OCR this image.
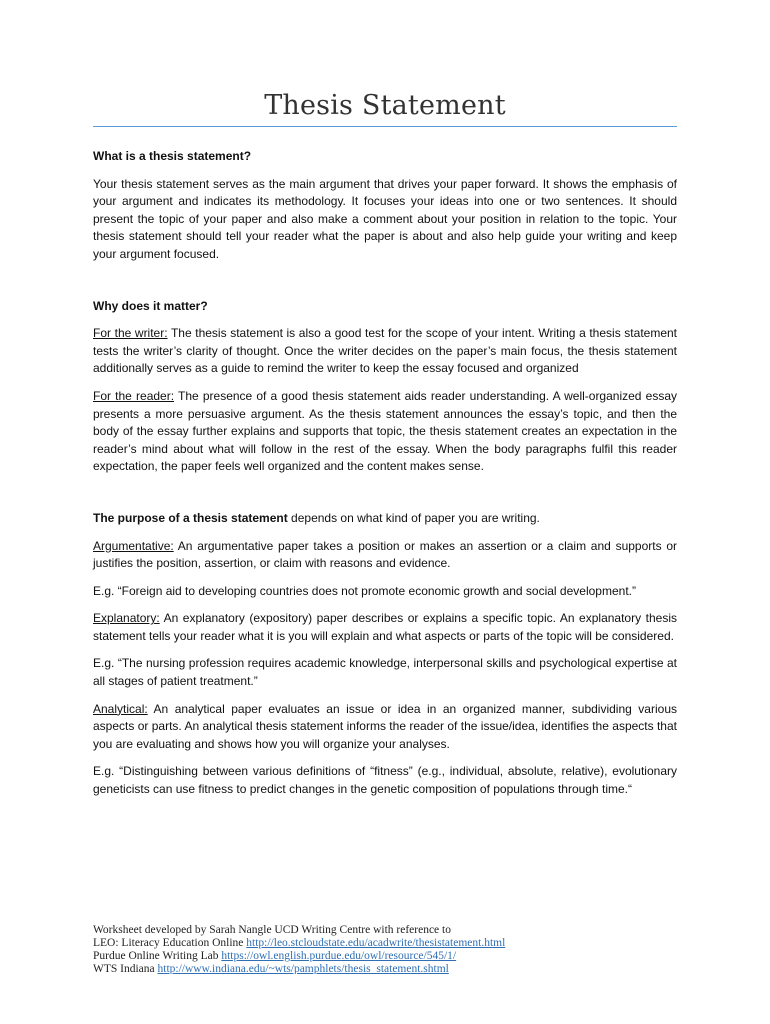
Thesis Statement

What is a thesis statement?

Your thesis statement serves as the main argument that drives your paper forward. It shows the emphasis of your argument and indicates its methodology. It focuses your ideas into one or two sentences. It should present the topic of your paper and also make a comment about your position in relation to the topic. Your thesis statement should tell your reader what the paper is about and also help guide your writing and keep your argument focused.

Why does it matter?

For the writer: The thesis statement is also a good test for the scope of your intent. Writing a thesis statement tests the writer’s clarity of thought. Once the writer decides on the paper’s main focus, the thesis statement additionally serves as a guide to remind the writer to keep the essay focused and organized

For the reader: The presence of a good thesis statement aids reader understanding. A well-organized essay presents a more persuasive argument. As the thesis statement announces the essay’s topic, and then the body of the essay further explains and supports that topic, the thesis statement creates an expectation in the reader’s mind about what will follow in the rest of the essay. When the body paragraphs fulfil this reader expectation, the paper feels well organized and the content makes sense.

The purpose of a thesis statement depends on what kind of paper you are writing.

Argumentative: An argumentative paper takes a position or makes an assertion or a claim and supports or justifies the position, assertion, or claim with reasons and evidence.

E.g. “Foreign aid to developing countries does not promote economic growth and social development.”

Explanatory: An explanatory (expository) paper describes or explains a specific topic. An explanatory thesis statement tells your reader what it is you will explain and what aspects or parts of the topic will be considered.

E.g. “The nursing profession requires academic knowledge, interpersonal skills and psychological expertise at all stages of patient treatment.”

Analytical: An analytical paper evaluates an issue or idea in an organized manner, subdividing various aspects or parts. An analytical thesis statement informs the reader of the issue/idea, identifies the aspects that you are evaluating and shows how you will organize your analyses.

E.g. “Distinguishing between various definitions of “fitness” (e.g., individual, absolute, relative), evolutionary geneticists can use fitness to predict changes in the genetic composition of populations through time.“

Worksheet developed by Sarah Nangle UCD Writing Centre with reference to
LEO: Literacy Education Online http://leo.stcloudstate.edu/acadwrite/thesistatement.html
Purdue Online Writing Lab https://owl.english.purdue.edu/owl/resource/545/1/
WTS Indiana http://www.indiana.edu/~wts/pamphlets/thesis_statement.shtml
